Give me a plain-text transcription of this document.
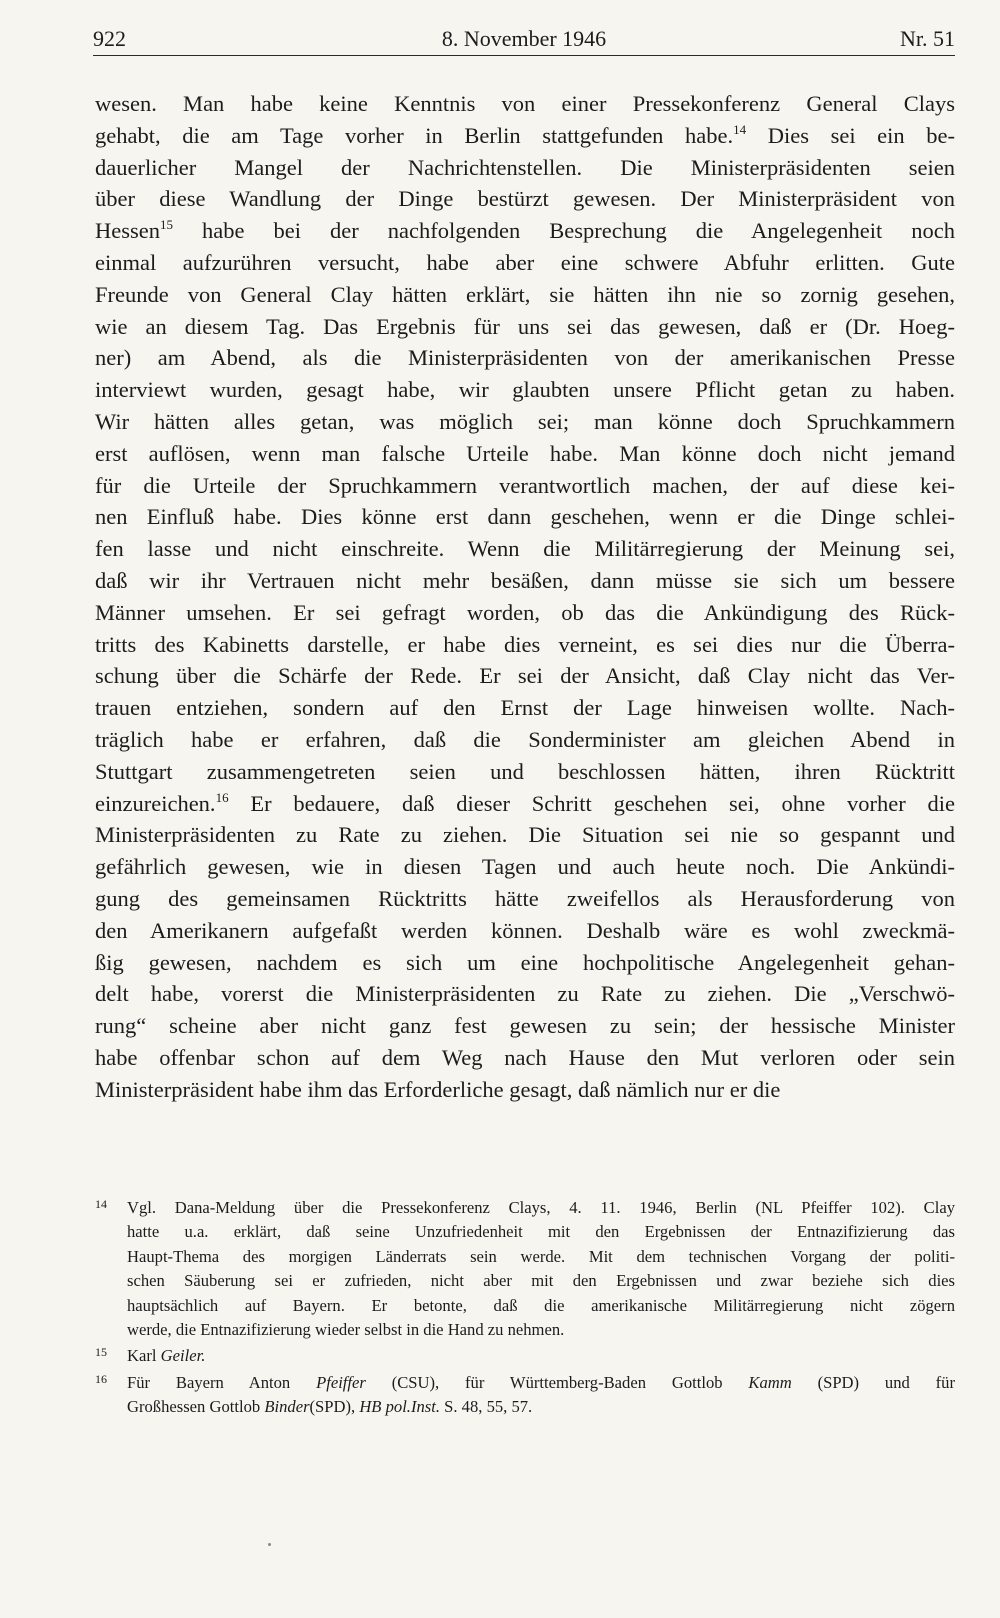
922	8. November 1946	Nr. 51
wesen. Man habe keine Kenntnis von einer Pressekonferenz General Clays
gehabt, die am Tage vorher in Berlin stattgefunden habe.$^{14}$ Dies sei ein be-
dauerlicher Mangel der Nachrichtenstellen. Die Ministerpräsidenten seien
über diese Wandlung der Dinge bestürzt gewesen. Der Ministerpräsident von
Hessen$^{15}$ habe bei der nachfolgenden Besprechung die Angelegenheit noch
einmal aufzurühren versucht, habe aber eine schwere Abfuhr erlitten. Gute
Freunde von General Clay hätten erklärt, sie hätten ihn nie so zornig gesehen,
wie an diesem Tag. Das Ergebnis für uns sei das gewesen, daß er (Dr. Hoeg-
ner) am Abend, als die Ministerpräsidenten von der amerikanischen Presse
interviewt wurden, gesagt habe, wir glaubten unsere Pflicht getan zu haben.
Wir hätten alles getan, was möglich sei; man könne doch Spruchkammern
erst auflösen, wenn man falsche Urteile habe. Man könne doch nicht jemand
für die Urteile der Spruchkammern verantwortlich machen, der auf diese kei-
nen Einfluß habe. Dies könne erst dann geschehen, wenn er die Dinge schlei-
fen lasse und nicht einschreite. Wenn die Militärregierung der Meinung sei,
daß wir ihr Vertrauen nicht mehr besäßen, dann müsse sie sich um bessere
Männer umsehen. Er sei gefragt worden, ob das die Ankündigung des Rück-
tritts des Kabinetts darstelle, er habe dies verneint, es sei dies nur die Überra-
schung über die Schärfe der Rede. Er sei der Ansicht, daß Clay nicht das Ver-
trauen entziehen, sondern auf den Ernst der Lage hinweisen wollte. Nach-
träglich habe er erfahren, daß die Sonderminister am gleichen Abend in
Stuttgart zusammengetreten seien und beschlossen hätten, ihren Rücktritt
einzureichen.$^{16}$ Er bedauere, daß dieser Schritt geschehen sei, ohne vorher die
Ministerpräsidenten zu Rate zu ziehen. Die Situation sei nie so gespannt und
gefährlich gewesen, wie in diesen Tagen und auch heute noch. Die Ankündi-
gung des gemeinsamen Rücktritts hätte zweifellos als Herausforderung von
den Amerikanern aufgefaßt werden können. Deshalb wäre es wohl zweckmä-
ßig gewesen, nachdem es sich um eine hochpolitische Angelegenheit gehan-
delt habe, vorerst die Ministerpräsidenten zu Rate zu ziehen. Die „Verschwö-
rung“ scheine aber nicht ganz fest gewesen zu sein; der hessische Minister
habe offenbar schon auf dem Weg nach Hause den Mut verloren oder sein
Ministerpräsident habe ihm das Erforderliche gesagt, daß nämlich nur er die
14 Vgl. Dana-Meldung über die Pressekonferenz Clays, 4. 11. 1946, Berlin (NL Pfeiffer 102). Clay
hatte u.a. erklärt, daß seine Unzufriedenheit mit den Ergebnissen der Entnazifizierung das
Haupt-Thema des morgigen Länderrats sein werde. Mit dem technischen Vorgang der politi-
schen Säuberung sei er zufrieden, nicht aber mit den Ergebnissen und zwar beziehe sich dies
hauptsächlich auf Bayern. Er betonte, daß die amerikanische Militärregierung nicht zögern
werde, die Entnazifizierung wieder selbst in die Hand zu nehmen.
15 Karl Geiler.
16 Für Bayern Anton Pfeiffer (CSU), für Württemberg-Baden Gottlob Kamm (SPD) und für
Großhessen Gottlob Binder(SPD), HB pol.Inst. S. 48, 55, 57.
